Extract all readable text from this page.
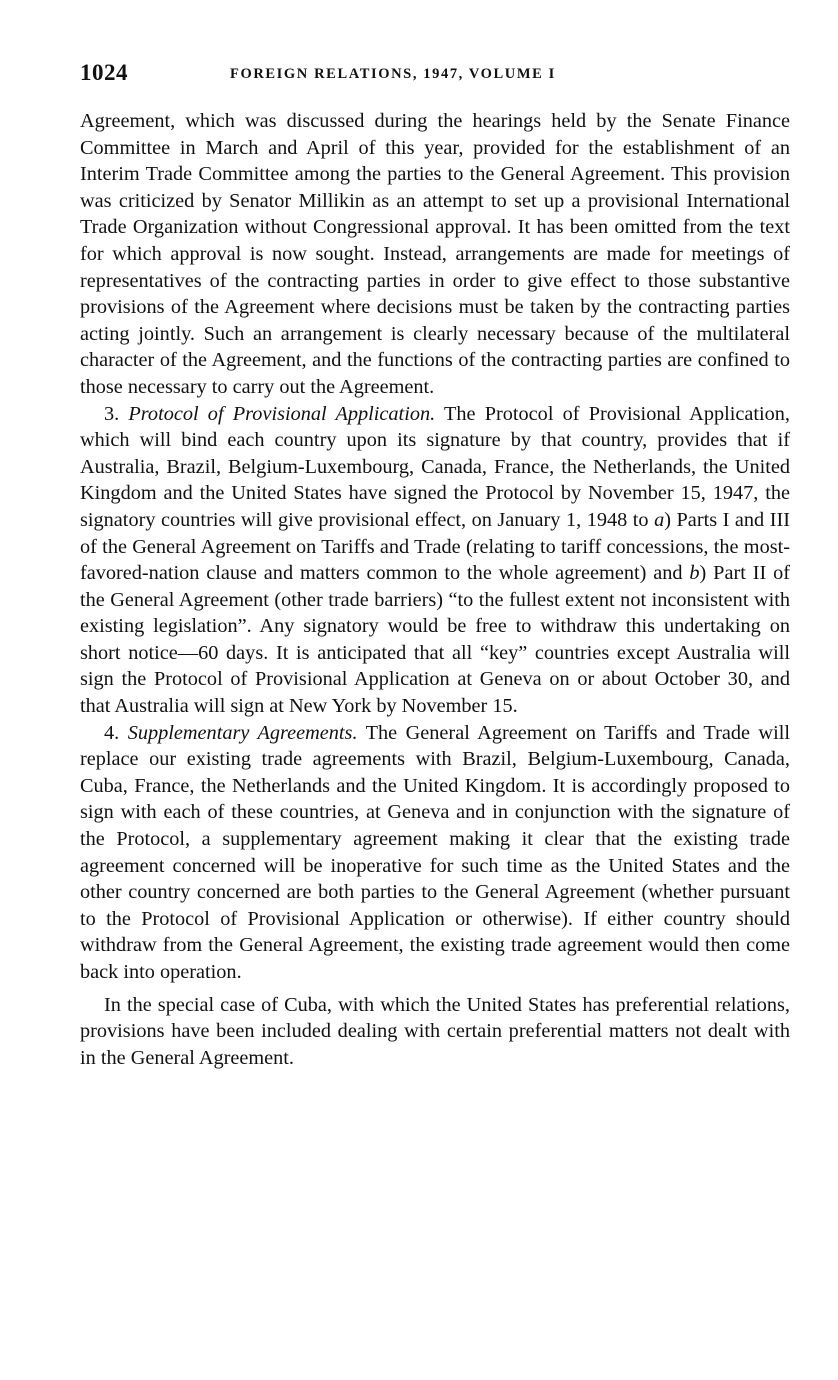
1024	FOREIGN RELATIONS, 1947, VOLUME I

Agreement, which was discussed during the hearings held by the Senate Finance Committee in March and April of this year, provided for the establishment of an Interim Trade Committee among the parties to the General Agreement. This provision was criticized by Senator Millikin as an attempt to set up a provisional International Trade Organization without Congressional approval. It has been omitted from the text for which approval is now sought. Instead, arrangements are made for meetings of representatives of the contracting parties in order to give effect to those substantive provisions of the Agreement where decisions must be taken by the contracting parties acting jointly. Such an arrangement is clearly necessary because of the multilateral character of the Agreement, and the functions of the contracting parties are confined to those necessary to carry out the Agreement.

3. Protocol of Provisional Application. The Protocol of Provisional Application, which will bind each country upon its signature by that country, provides that if Australia, Brazil, Belgium-Luxembourg, Canada, France, the Netherlands, the United Kingdom and the United States have signed the Protocol by November 15, 1947, the signatory countries will give provisional effect, on January 1, 1948 to a) Parts I and III of the General Agreement on Tariffs and Trade (relating to tariff concessions, the most-favored-nation clause and matters common to the whole agreement) and b) Part II of the General Agreement (other trade barriers) “to the fullest extent not inconsistent with existing legislation”. Any signatory would be free to withdraw this undertaking on short notice—60 days. It is anticipated that all “key” countries except Australia will sign the Protocol of Provisional Application at Geneva on or about October 30, and that Australia will sign at New York by November 15.

4. Supplementary Agreements. The General Agreement on Tariffs and Trade will replace our existing trade agreements with Brazil, Belgium-Luxembourg, Canada, Cuba, France, the Netherlands and the United Kingdom. It is accordingly proposed to sign with each of these countries, at Geneva and in conjunction with the signature of the Protocol, a supplementary agreement making it clear that the existing trade agreement concerned will be inoperative for such time as the United States and the other country concerned are both parties to the General Agreement (whether pursuant to the Protocol of Provisional Application or otherwise). If either country should withdraw from the General Agreement, the existing trade agreement would then come back into operation.

In the special case of Cuba, with which the United States has preferential relations, provisions have been included dealing with certain preferential matters not dealt with in the General Agreement.
